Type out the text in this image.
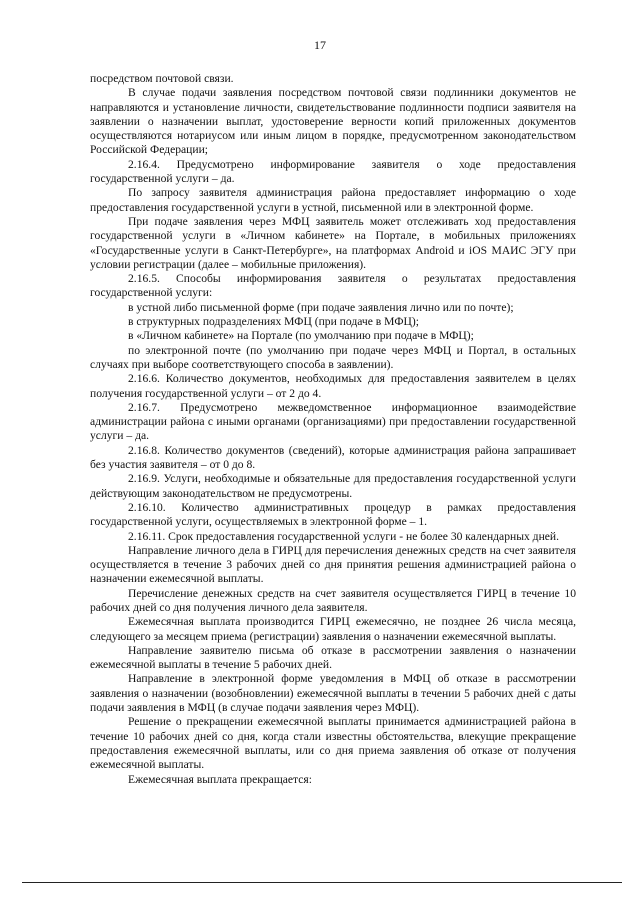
17

посредством почтовой связи.

В случае подачи заявления посредством почтовой связи подлинники документов не направляются и установление личности, свидетельствование подлинности подписи заявителя на заявлении о назначении выплат, удостоверение верности копий приложенных документов осуществляются нотариусом или иным лицом в порядке, предусмотренном законодательством Российской Федерации;

2.16.4. Предусмотрено информирование заявителя о ходе предоставления государственной услуги – да.

По запросу заявителя администрация района предоставляет информацию о ходе предоставления государственной услуги в устной, письменной или в электронной форме.

При подаче заявления через МФЦ заявитель может отслеживать ход предоставления государственной услуги в «Личном кабинете» на Портале, в мобильных приложениях «Государственные услуги в Санкт-Петербурге», на платформах Android и iOS МАИС ЭГУ при условии регистрации (далее – мобильные приложения).

2.16.5. Способы информирования заявителя о результатах предоставления государственной услуги:

в устной либо письменной форме (при подаче заявления лично или по почте);

в структурных подразделениях МФЦ (при подаче в МФЦ);

в «Личном кабинете» на Портале (по умолчанию при подаче в МФЦ);

по электронной почте (по умолчанию при подаче через МФЦ и Портал, в остальных случаях при выборе соответствующего способа в заявлении).

2.16.6. Количество документов, необходимых для предоставления заявителем в целях получения государственной услуги – от 2 до 4.

2.16.7. Предусмотрено межведомственное информационное взаимодействие администрации района с иными органами (организациями) при предоставлении государственной услуги – да.

2.16.8. Количество документов (сведений), которые администрация района запрашивает без участия заявителя – от 0 до 8.

2.16.9. Услуги, необходимые и обязательные для предоставления государственной услуги действующим законодательством не предусмотрены.

2.16.10. Количество административных процедур в рамках предоставления государственной услуги, осуществляемых в электронной форме – 1.

2.16.11. Срок предоставления государственной услуги - не более 30 календарных дней.

Направление личного дела в ГИРЦ для перечисления денежных средств на счет заявителя осуществляется в течение 3 рабочих дней со дня принятия решения администрацией района о назначении ежемесячной выплаты.

Перечисление денежных средств на счет заявителя осуществляется ГИРЦ в течение 10 рабочих дней со дня получения личного дела заявителя.

Ежемесячная выплата производится ГИРЦ ежемесячно, не позднее 26 числа месяца, следующего за месяцем приема (регистрации) заявления о назначении ежемесячной выплаты.

Направление заявителю письма об отказе в рассмотрении заявления о назначении ежемесячной выплаты в течение 5 рабочих дней.

Направление в электронной форме уведомления в МФЦ об отказе в рассмотрении заявления о назначении (возобновлении) ежемесячной выплаты в течении 5 рабочих дней с даты подачи заявления в МФЦ (в случае подачи заявления через МФЦ).

Решение о прекращении ежемесячной выплаты принимается администрацией района в течение 10 рабочих дней со дня, когда стали известны обстоятельства, влекущие прекращение предоставления ежемесячной выплаты, или со дня приема заявления об отказе от получения ежемесячной выплаты.

Ежемесячная выплата прекращается:
